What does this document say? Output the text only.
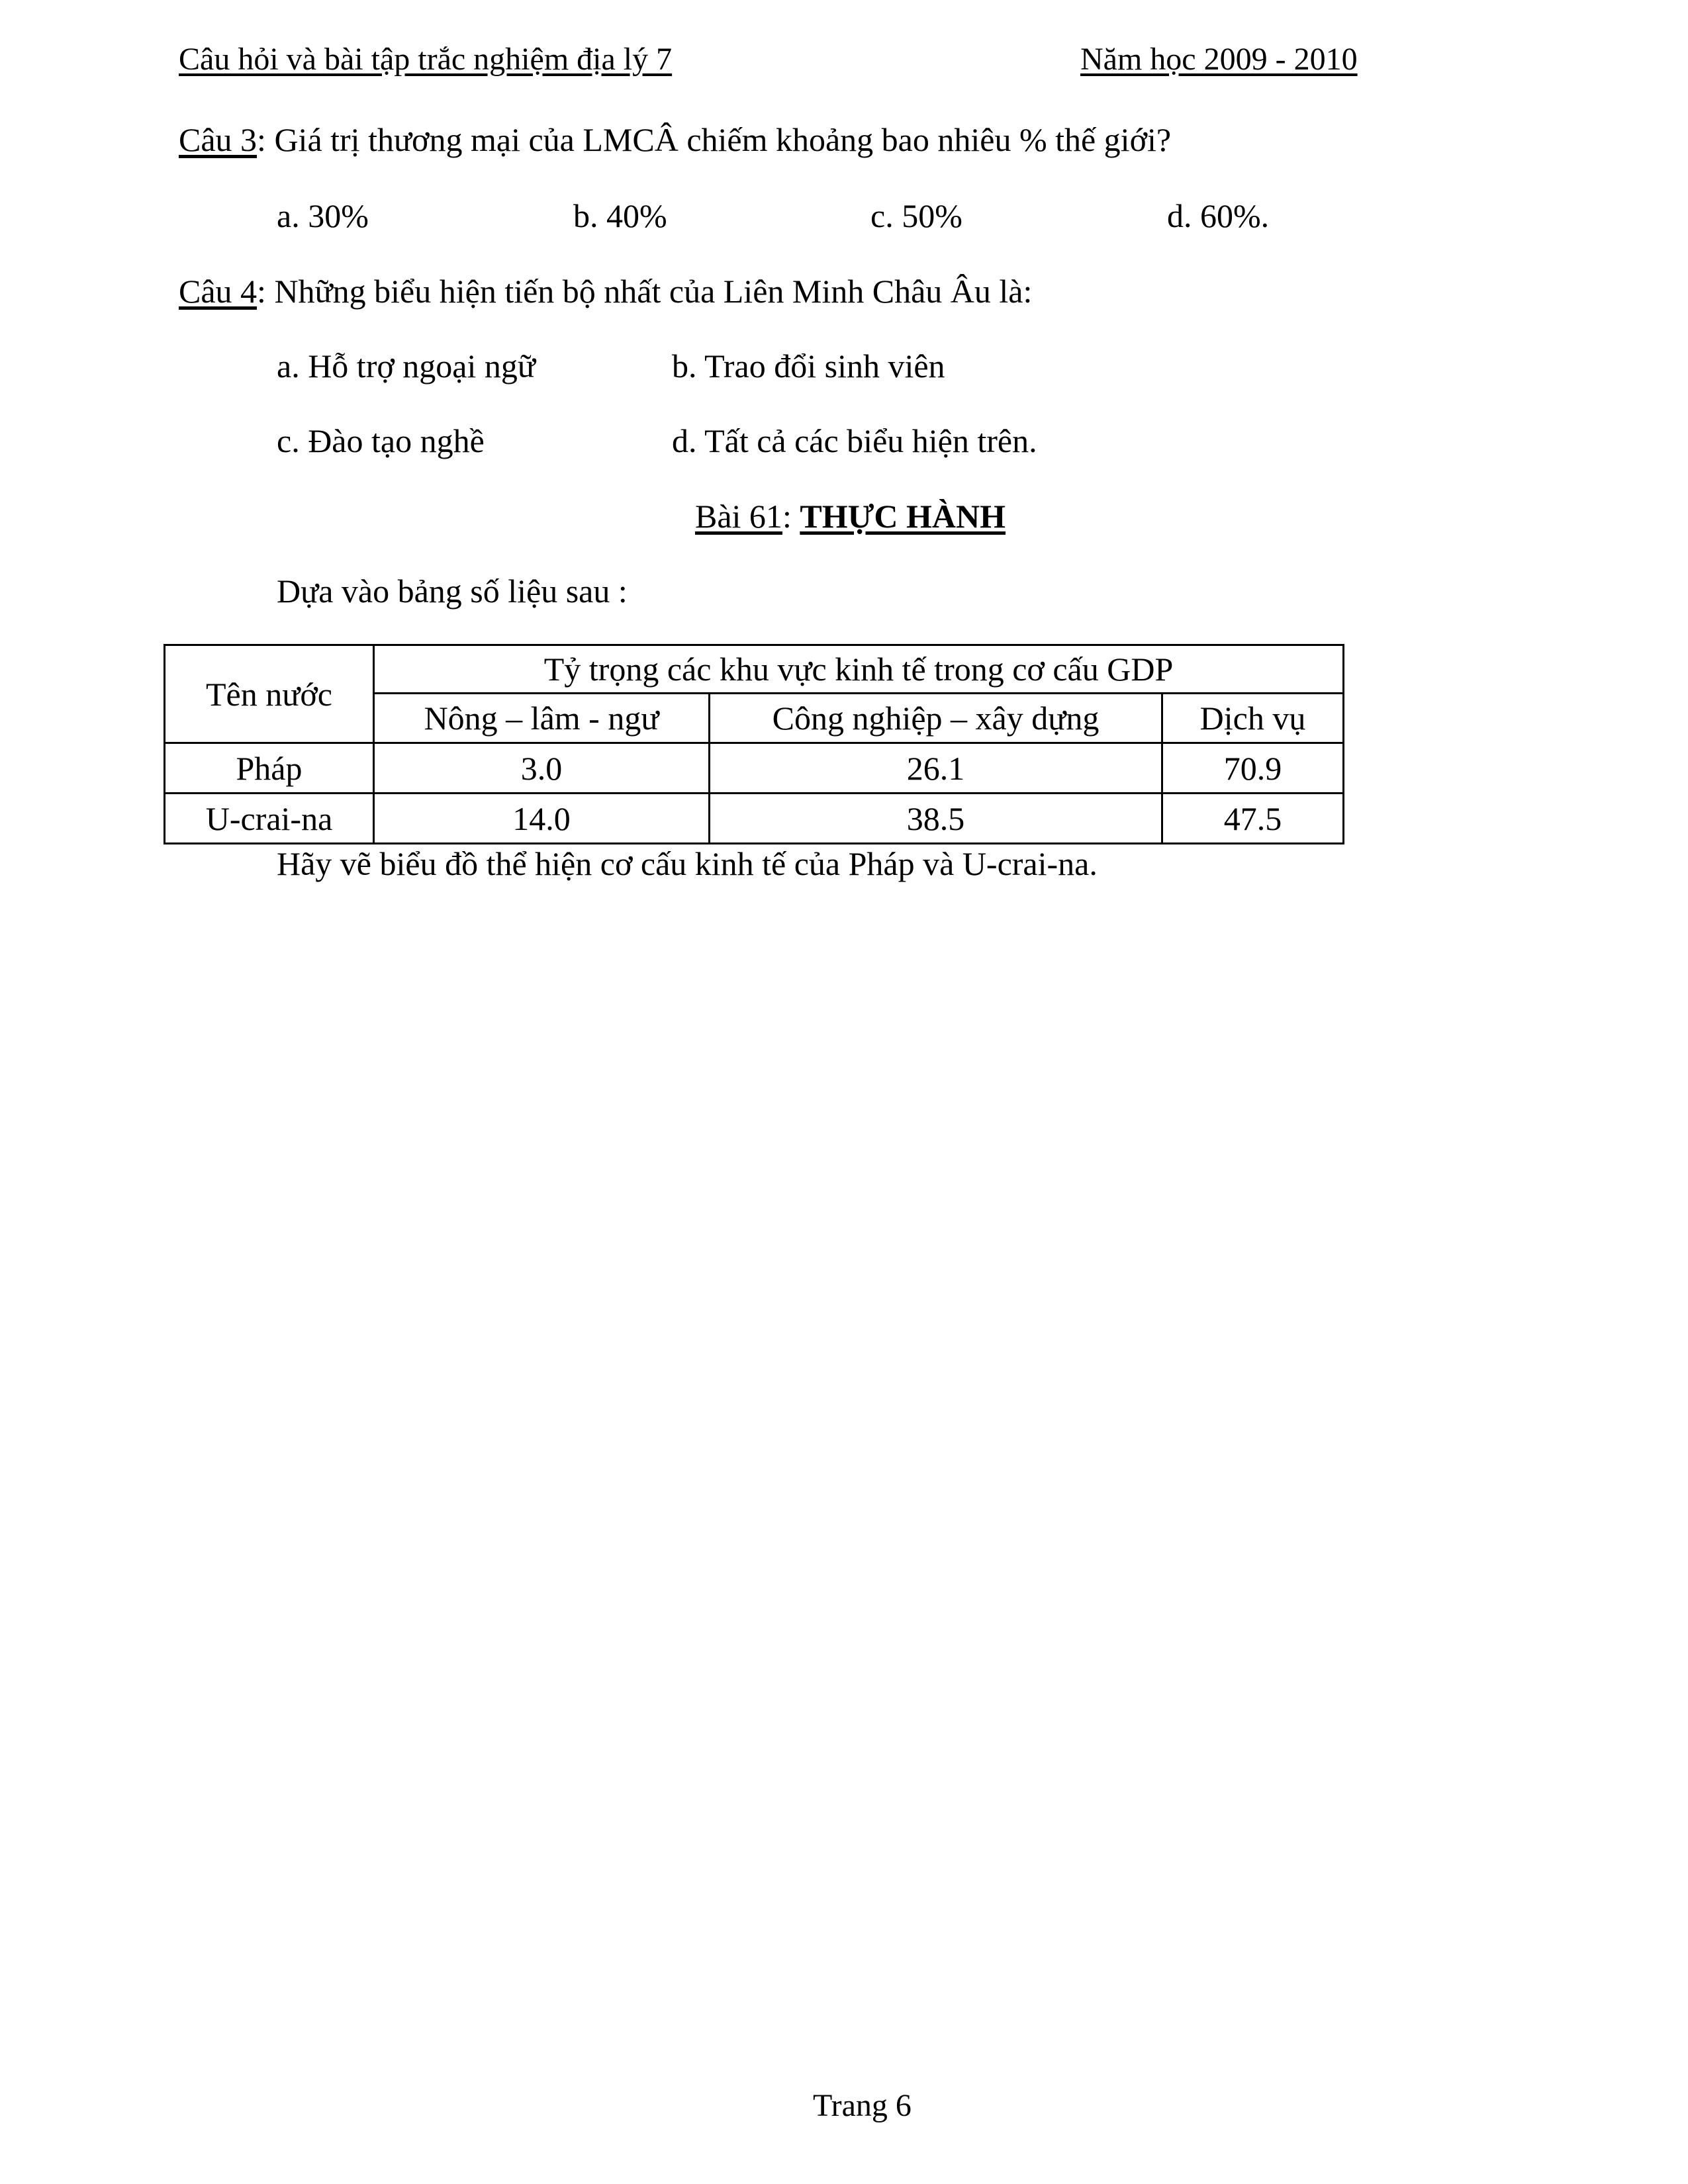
Câu hỏi và bài tập trắc nghiệm địa lý 7	Năm học 2009 - 2010
Câu 3: Giá trị thương mại của LMCÂ chiếm khoảng bao nhiêu % thế giới?
a. 30%	b. 40%	c. 50%	d. 60%.
Câu 4: Những biểu hiện tiến bộ nhất của Liên Minh Châu Âu là:
a. Hỗ trợ ngoại ngữ	b. Trao đổi sinh viên
c. Đào tạo nghề	d. Tất cả các biểu hiện trên.
Bài 61: THỰC HÀNH
Dựa vào bảng số liệu sau :
Tên nước	Tỷ trọng các khu vực kinh tế trong cơ cấu GDP		
	Nông – lâm - ngư	Công nghiệp – xây dựng	Dịch vụ
Pháp	3.0	26.1	70.9
U-crai-na	14.0	38.5	47.5
Hãy vẽ biểu đồ thể hiện cơ cấu kinh tế của Pháp và U-crai-na.
Trang 6
